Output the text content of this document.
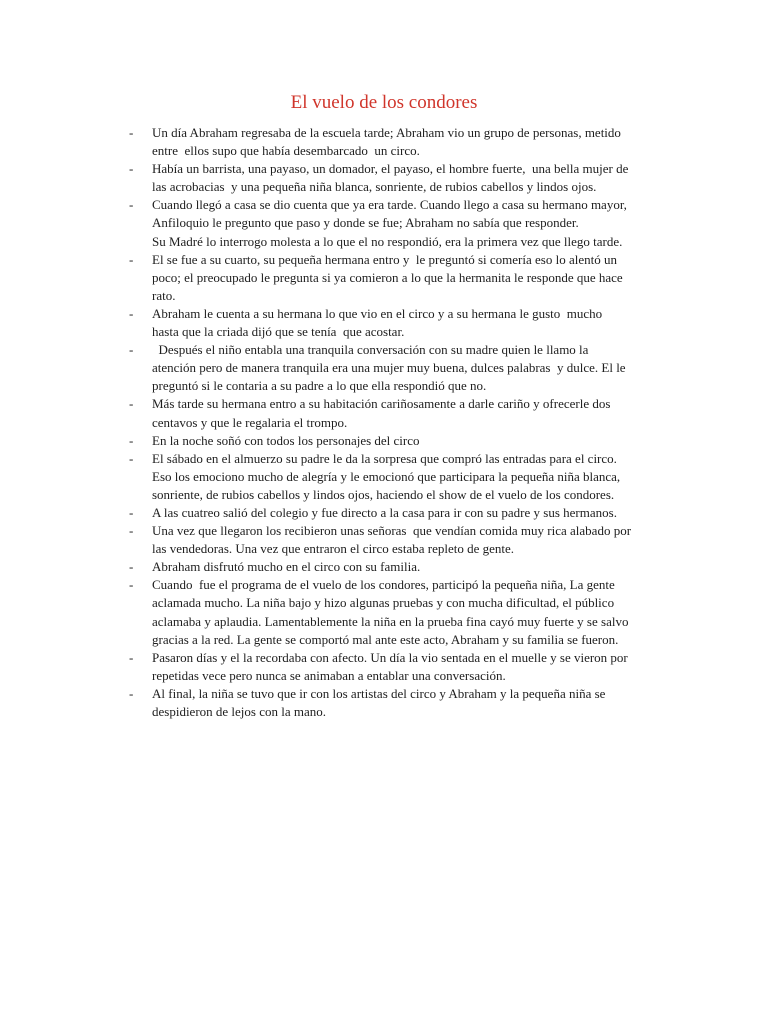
El vuelo de los condores
- Un día Abraham regresaba de la escuela tarde; Abraham vio un grupo de personas, metido
entre  ellos supo que había desembarcado  un circo.
- Había un barrista, una payaso, un domador, el payaso, el hombre fuerte,  una bella mujer de
las acrobacias  y una pequeña niña blanca, sonriente, de rubios cabellos y lindos ojos.
- Cuando llegó a casa se dio cuenta que ya era tarde. Cuando llego a casa su hermano mayor,
Anfiloquio le pregunto que paso y donde se fue; Abraham no sabía que responder.
Su Madré lo interrogo molesta a lo que el no respondió, era la primera vez que llego tarde.
- El se fue a su cuarto, su pequeña hermana entro y  le preguntó si comería eso lo alentó un
poco; el preocupado le pregunta si ya comieron a lo que la hermanita le responde que hace
rato.
- Abraham le cuenta a su hermana lo que vio en el circo y a su hermana le gusto  mucho
hasta que la criada dijó que se tenía  que acostar.
- Después el niño entabla una tranquila conversación con su madre quien le llamo la
atención pero de manera tranquila era una mujer muy buena, dulces palabras  y dulce. El le
preguntó si le contaria a su padre a lo que ella respondió que no.
- Más tarde su hermana entro a su habitación cariñosamente a darle cariño y ofrecerle dos
centavos y que le regalaria el trompo.
- En la noche soñó con todos los personajes del circo
- El sábado en el almuerzo su padre le da la sorpresa que compró las entradas para el circo.
Eso los emociono mucho de alegría y le emocionó que participara la pequeña niña blanca,
sonriente, de rubios cabellos y lindos ojos, haciendo el show de el vuelo de los condores.
- A las cuatreo salió del colegio y fue directo a la casa para ir con su padre y sus hermanos.
- Una vez que llegaron los recibieron unas señoras  que vendían comida muy rica alabado por
las vendedoras. Una vez que entraron el circo estaba repleto de gente.
- Abraham disfrutó mucho en el circo con su familia.
- Cuando  fue el programa de el vuelo de los condores, participó la pequeña niña, La gente
aclamada mucho. La niña bajo y hizo algunas pruebas y con mucha dificultad, el público
aclamaba y aplaudia. Lamentablemente la niña en la prueba fina cayó muy fuerte y se salvo
gracias a la red. La gente se comportó mal ante este acto, Abraham y su familia se fueron.
- Pasaron días y el la recordaba con afecto. Un día la vio sentada en el muelle y se vieron por
repetidas vece pero nunca se animaban a entablar una conversación.
- Al final, la niña se tuvo que ir con los artistas del circo y Abraham y la pequeña niña se
despidieron de lejos con la mano.
